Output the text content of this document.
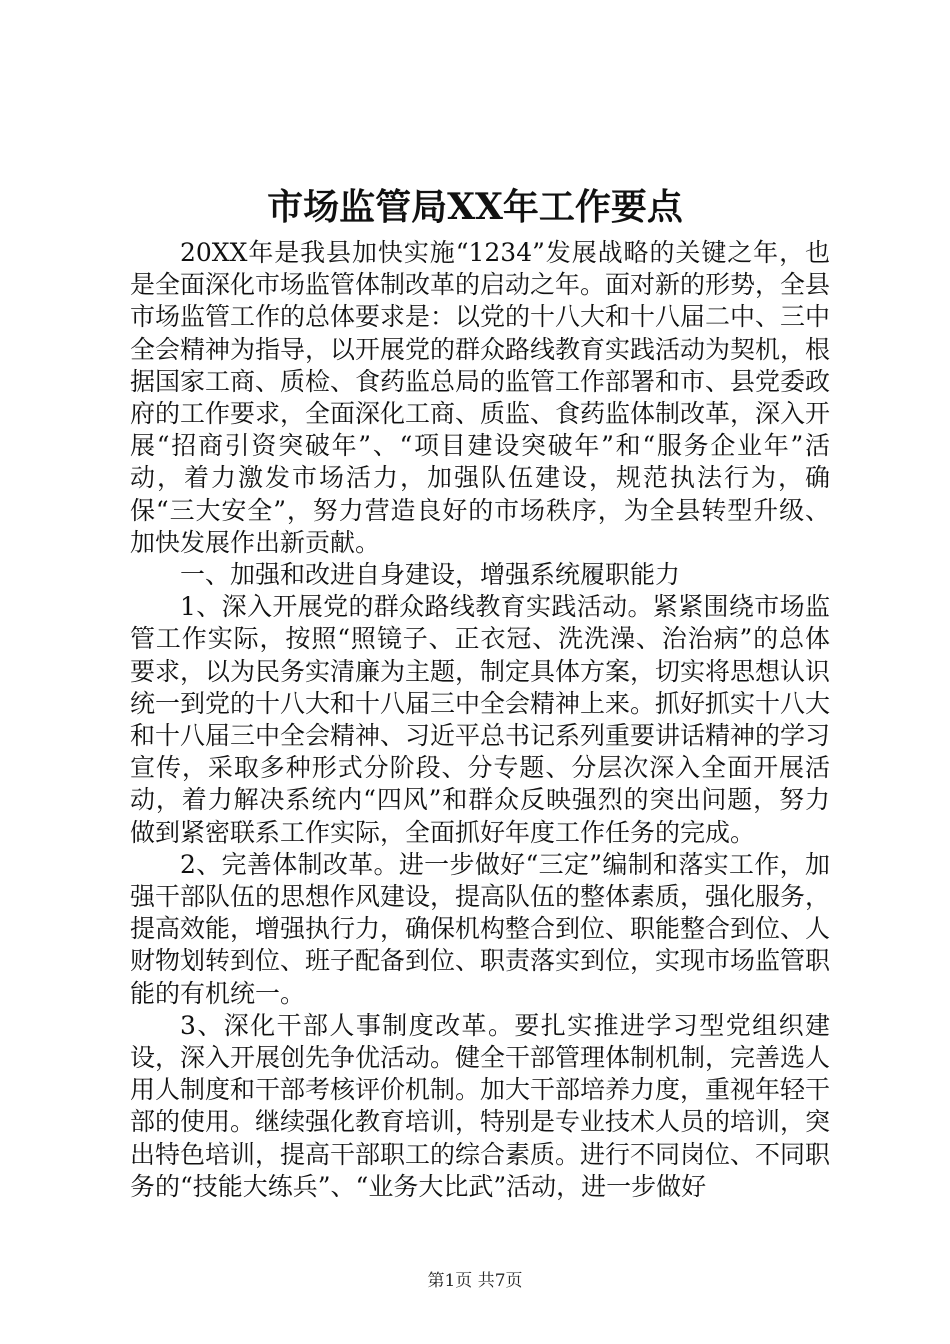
市场监管局XX年工作要点

20XX年是我县加快实施“1234”发展战略的关键之年，也是全面深化市场监管体制改革的启动之年。面对新的形势，全县市场监管工作的总体要求是：以党的十八大和十八届二中、三中全会精神为指导，以开展党的群众路线教育实践活动为契机，根据国家工商、质检、食药监总局的监管工作部署和市、县党委政府的工作要求，全面深化工商、质监、食药监体制改革，深入开展“招商引资突破年”、“项目建设突破年”和“服务企业年”活动，着力激发市场活力，加强队伍建设，规范执法行为，确保“三大安全”，努力营造良好的市场秩序，为全县转型升级、加快发展作出新贡献。

一、加强和改进自身建设，增强系统履职能力

1、深入开展党的群众路线教育实践活动。紧紧围绕市场监管工作实际，按照“照镜子、正衣冠、洗洗澡、治治病”的总体要求，以为民务实清廉为主题，制定具体方案，切实将思想认识统一到党的十八大和十八届三中全会精神上来。抓好抓实十八大和十八届三中全会精神、习近平总书记系列重要讲话精神的学习宣传，采取多种形式分阶段、分专题、分层次深入全面开展活动，着力解决系统内“四风”和群众反映强烈的突出问题，努力做到紧密联系工作实际，全面抓好年度工作任务的完成。

2、完善体制改革。进一步做好“三定”编制和落实工作，加强干部队伍的思想作风建设，提高队伍的整体素质，强化服务，提高效能，增强执行力，确保机构整合到位、职能整合到位、人财物划转到位、班子配备到位、职责落实到位，实现市场监管职能的有机统一。

3、深化干部人事制度改革。要扎实推进学习型党组织建设，深入开展创先争优活动。健全干部管理体制机制，完善选人用人制度和干部考核评价机制。加大干部培养力度，重视年轻干部的使用。继续强化教育培训，特别是专业技术人员的培训，突出特色培训，提高干部职工的综合素质。进行不同岗位、不同职务的“技能大练兵”、“业务大比武”活动，进一步做好

第1页 共7页
